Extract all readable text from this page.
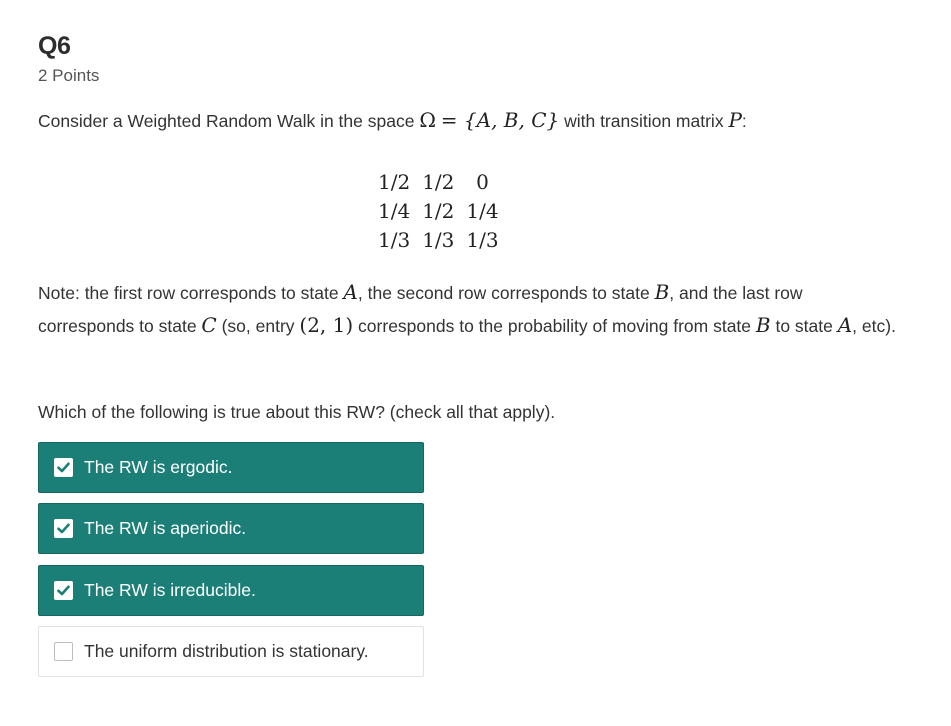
Q6
2 Points
Consider a Weighted Random Walk in the space Ω = {A, B, C} with transition matrix P:
1/2	1/2	0
1/4	1/2	1/4
1/3	1/3	1/3
Note: the first row corresponds to state A, the second row corresponds to state B, and the last row corresponds to state C (so, entry (2, 1) corresponds to the probability of moving from state B to state A, etc).
Which of the following is true about this RW? (check all that apply).
The RW is ergodic.
The RW is aperiodic.
The RW is irreducible.
The uniform distribution is stationary.
